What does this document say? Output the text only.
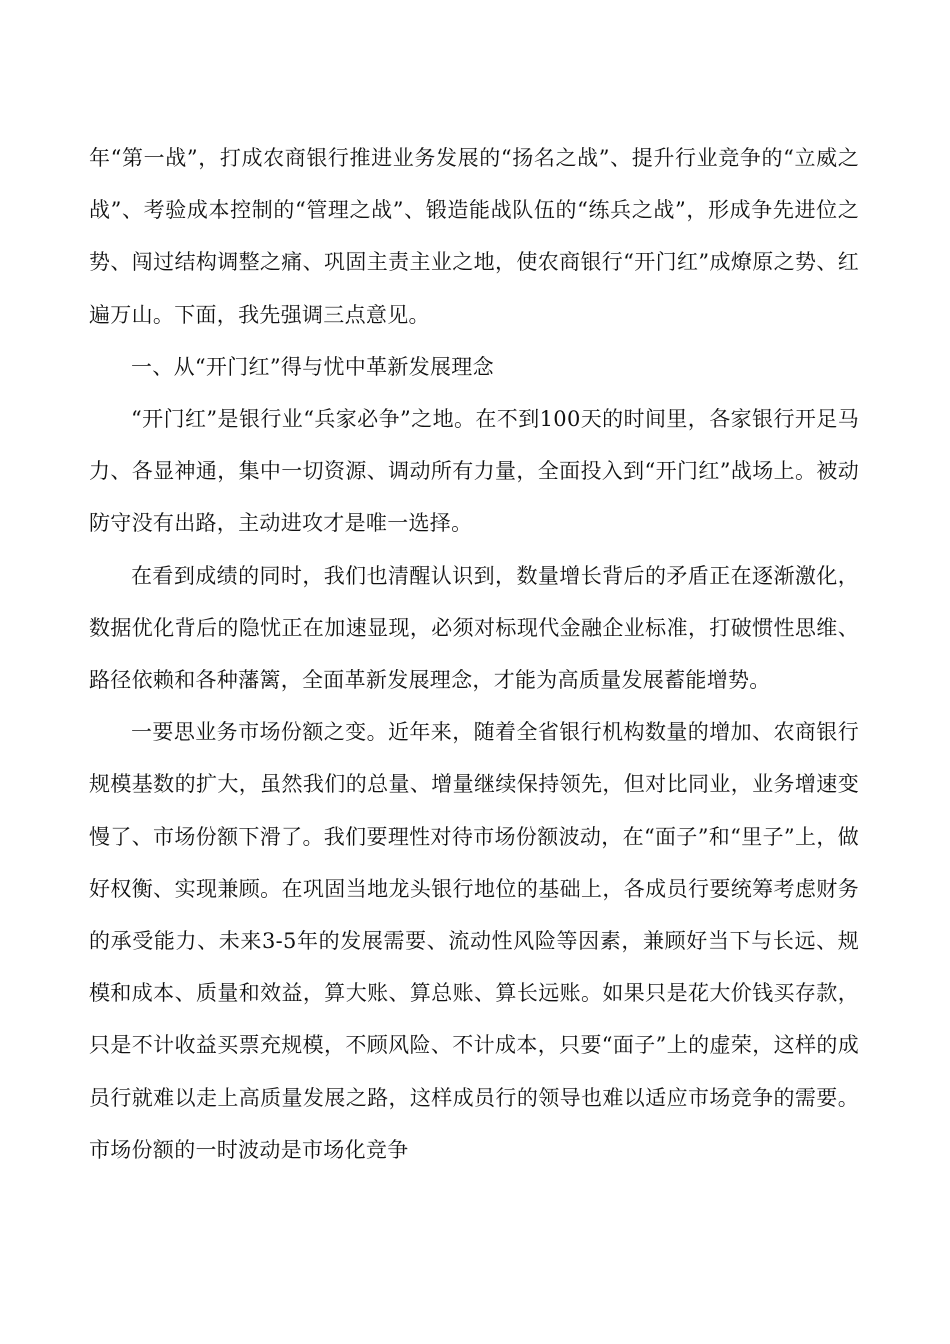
年“第一战”，打成农商银行推进业务发展的“扬名之战”、提升行业竞争的“立威之战”、考验成本控制的“管理之战”、锻造能战队伍的“练兵之战”，形成争先进位之势、闯过结构调整之痛、巩固主责主业之地，使农商银行“开门红”成燎原之势、红遍万山。下面，我先强调三点意见。

一、从“开门红”得与忧中革新发展理念

“开门红”是银行业“兵家必争”之地。在不到100天的时间里，各家银行开足马力、各显神通，集中一切资源、调动所有力量，全面投入到“开门红”战场上。被动防守没有出路，主动进攻才是唯一选择。

在看到成绩的同时，我们也清醒认识到，数量增长背后的矛盾正在逐渐激化，数据优化背后的隐忧正在加速显现，必须对标现代金融企业标准，打破惯性思维、路径依赖和各种藩篱，全面革新发展理念，才能为高质量发展蓄能增势。

一要思业务市场份额之变。近年来，随着全省银行机构数量的增加、农商银行规模基数的扩大，虽然我们的总量、增量继续保持领先，但对比同业，业务增速变慢了、市场份额下滑了。我们要理性对待市场份额波动，在“面子”和“里子”上，做好权衡、实现兼顾。在巩固当地龙头银行地位的基础上，各成员行要统筹考虑财务的承受能力、未来3-5年的发展需要、流动性风险等因素，兼顾好当下与长远、规模和成本、质量和效益，算大账、算总账、算长远账。如果只是花大价钱买存款，只是不计收益买票充规模，不顾风险、不计成本，只要“面子”上的虚荣，这样的成员行就难以走上高质量发展之路，这样成员行的领导也难以适应市场竞争的需要。市场份额的一时波动是市场化竞争
